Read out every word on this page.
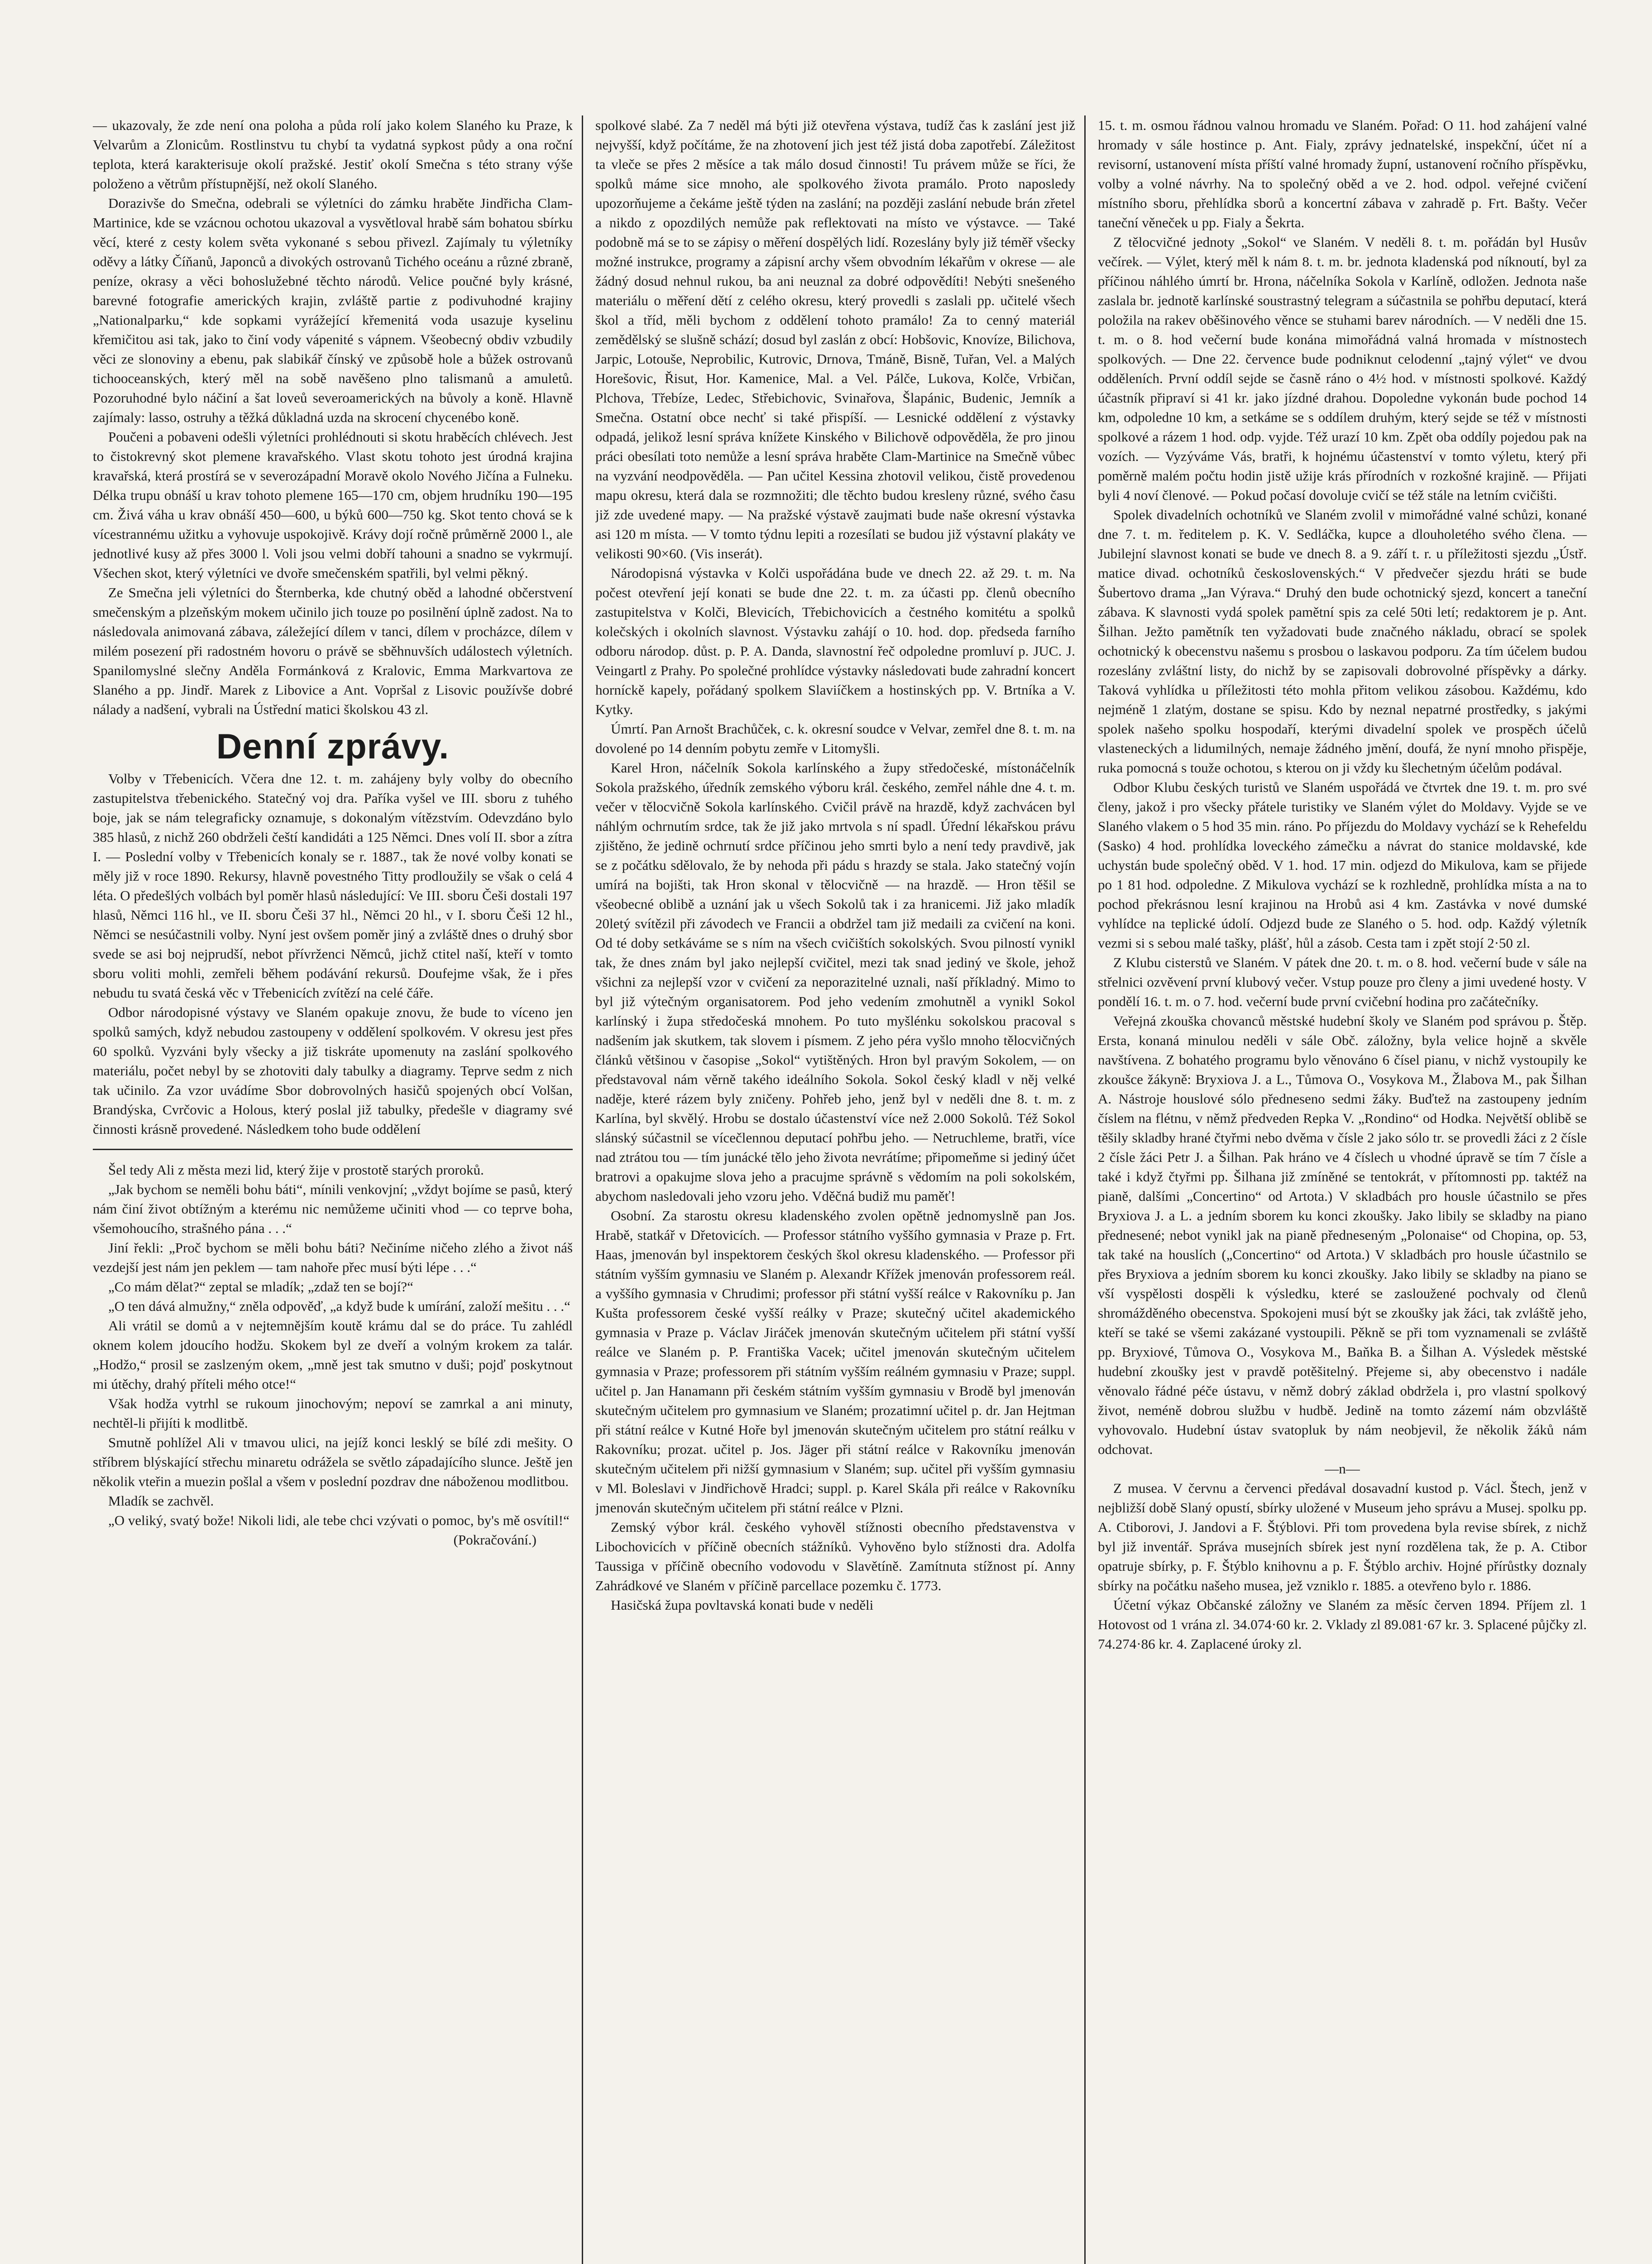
— ukazovaly, že zde není ona poloha a půda rolí jako kolem Slaného ku Praze, k Velvarům a Zlonicům. Rostlinstvu tu chybí ta vydatná sypkost půdy a ona roční teplota, která karakterisuje okolí pražské. Jestiť okolí Smečna s této strany výše položeno a větrům přístupnější, než okolí Slaného.

Dorazivše do Smečna, odebrali se výletníci do zámku hraběte Jindřicha Clam-Martinice, kde se vzácnou ochotou ukazoval a vysvětloval hrabě sám bohatou sbírku věcí, které z cesty kolem světa vykonané s sebou přivezl. Zajímaly tu výletníky oděvy a látky Číňanů, Japonců a divokých ostrovanů Tichého oceánu a různé zbraně, peníze, okrasy a věci bohoslužebné těchto národů. Velice poučné byly krásné, barevné fotografie amerických krajin, zvláště partie z podivuhodné krajiny „Nationalparku,“ kde sopkami vyrážející křemenitá voda usazuje kyselinu křemičitou asi tak, jako to činí vody vápenité s vápnem. Všeobecný obdiv vzbudily věci ze slonoviny a ebenu, pak slabikář čínský ve způsobě hole a bůžek ostrovanů tichooceanských, který měl na sobě navěšeno plno talismanů a amuletů. Pozoruhodné bylo náčiní a šat loveů severoamerických na bůvoly a koně. Hlavně zajímaly: lasso, ostruhy a těžká důkladná uzda na skrocení chycenébo koně.

Poučeni a pobaveni odešli výletníci prohlédnouti si skotu hraběcích chlévech. Jest to čistokrevný skot plemene kravařského. Vlast skotu tohoto jest úrodná krajina kravařská, která prostírá se v severozápadní Moravě okolo Nového Jičína a Fulneku. Délka trupu obnáší u krav tohoto plemene 165—170 cm, objem hrudníku 190—195 cm. Živá váha u krav obnáší 450—600, u býků 600—750 kg. Skot tento chová se k vícestrannému užitku a vyhovuje uspokojivě. Krávy dojí ročně průměrně 2000 l., ale jednotlivé kusy až přes 3000 l. Voli jsou velmi dobří tahouni a snadno se vykrmují. Všechen skot, který výletníci ve dvoře smečenském spatřili, byl velmi pěkný.

Ze Smečna jeli výletníci do Šternberka, kde chutný oběd a lahodné občerstvení smečenským a plzeňským mokem učinilo jich touze po posilnění úplně zadost. Na to následovala animovaná zábava, záležející dílem v tanci, dílem v procházce, dílem v milém posezení při radostném hovoru o právě se sběhnuvších událostech výletních. Spanilomyslné slečny Anděla Formánková z Kralovic, Emma Markvartova ze Slaného a pp. Jindř. Marek z Libovice a Ant. Vopršal z Lisovic používše dobré nálady a nadšení, vybrali na Ústřední matici školskou 43 zl.

Denní zprávy.

Volby v Třebenicích. Včera dne 12. t. m. zahájeny byly volby do obecního zastupitelstva třebenického. Statečný voj dra. Paříka vyšel ve III. sboru z tuhého boje, jak se nám telegraficky oznamuje, s dokonalým vítězstvím. Odevzdáno bylo 385 hlasů, z nichž 260 obdrželi čeští kandidáti a 125 Němci. Dnes volí II. sbor a zítra I. — Poslední volby v Třebenicích konaly se r. 1887., tak že nové volby konati se měly již v roce 1890. Rekursy, hlavně povestného Titty prodloužily se však o celá 4 léta. O předešlých volbách byl poměr hlasů následující: Ve III. sboru Češi dostali 197 hlasů, Němci 116 hl., ve II. sboru Češi 37 hl., Němci 20 hl., v I. sboru Češi 12 hl., Němci se nesúčastnili volby. Nyní jest ovšem poměr jiný a zvláště dnes o druhý sbor svede se asi boj nejprudší, nebot přívrženci Němců, jichž ctitel naší, kteří v tomto sboru voliti mohli, zemřeli během podávání rekursů. Doufejme však, že i přes nebudu tu svatá česká věc v Třebenicích zvítězí na celé čáře.

Odbor národopisné výstavy ve Slaném opakuje znovu, že bude to víceno jen spolků samých, když nebudou zastoupeny v oddělení spolkovém. V okresu jest přes 60 spolků. Vyzváni byly všecky a již tiskráte upomenuty na zaslání spolkového materiálu, počet nebyl by se zhotoviti daly tabulky a diagramy. Teprve sedm z nich tak učinilo. Za vzor uvádíme Sbor dobrovolných hasičů spojených obcí Volšan, Brandýska, Cvrčovic a Holous, který poslal již tabulky, předešle v diagramy své činnosti krásně provedené. Následkem toho bude oddělení

Šel tedy Ali z města mezi lid, který žije v prostotě starých proroků.

„Jak bychom se neměli bohu báti“, mínili venkovjní; „vždyt bojíme se pasů, který nám činí život obtížným a kterému nic nemůžeme učiniti vhod — co teprve boha, všemohoucího, strašného pána . . .“

Jiní řekli: „Proč bychom se měli bohu báti? Nečiníme ničeho zlého a život náš vezdejší jest nám jen peklem — tam nahoře přec musí býti lépe . . .“

„Co mám dělat?“ zeptal se mladík; „zdaž ten se bojí?“

„O ten dává almužny,“ zněla odpověď, „a když bude k umírání, založí mešitu . . .“

Ali vrátil se domů a v nejtemnějším koutě krámu dal se do práce. Tu zahlédl oknem kolem jdoucího hodžu. Skokem byl ze dveří a volným krokem za talár. „Hodžo,“ prosil se zaslzeným okem, „mně jest tak smutno v duši; pojď poskytnout mi útěchy, drahý příteli mého otce!“

Však hodža vytrhl se rukoum jinochovým; nepoví se zamrkal a ani minuty, nechtěl-li přijíti k modlitbě.

Smutně pohlížel Ali v tmavou ulici, na jejíž konci lesklý se bílé zdi mešity. O stříbrem blýskající střechu minaretu odrážela se světlo západajícího slunce. Ještě jen několik vteřin a muezin pošlal a všem v poslední pozdrav dne náboženou modlitbou.

Mladík se zachvěl.

„O veliký, svatý bože! Nikoli lidi, ale tebe chci vzývati o pomoc, by's mě osvítil!“

(Pokračování.)

spolkové slabé. Za 7 neděl má býti již otevřena výstava, tudíž čas k zaslání jest již nejvyšší, když počítáme, že na zhotovení jich jest též jistá doba zapotřebí. Záležitost ta vleče se přes 2 měsíce a tak málo dosud činnosti! Tu právem může se říci, že spolků máme sice mnoho, ale spolkového života pramálo. Proto naposledy upozorňujeme a čekáme ještě týden na zaslání; na později zaslání nebude brán zřetel a nikdo z opozdilých nemůže pak reflektovati na místo ve výstavce. — Také podobně má se to se zápisy o měření dospělých lidí. Rozeslány byly již téměř všecky možné instrukce, programy a zápisní archy všem obvodním lékařům v okrese — ale žádný dosud nehnul rukou, ba ani neuznal za dobré odpovědíti! Nebýti snešeného materiálu o měření dětí z celého okresu, který provedli s zaslali pp. učitelé všech škol a tříd, měli bychom z oddělení tohoto pramálo! Za to cenný materiál zemědělský se slušně schází; dosud byl zaslán z obcí: Hobšovic, Knovíze, Bilichova, Jarpic, Lotouše, Neprobilic, Kutrovic, Drnova, Tmáně, Bisně, Tuřan, Vel. a Malých Horešovic, Řisut, Hor. Kamenice, Mal. a Vel. Pálče, Lukova, Kolče, Vrbičan, Plchova, Třebíze, Ledec, Střebichovic, Svinařova, Šlapánic, Budenic, Jemník a Smečna. Ostatní obce nechť si také přispíší. — Lesnické oddělení z výstavky odpadá, jelikož lesní správa knížete Kinského v Bilichově odpověděla, že pro jinou práci obesílati toto nemůže a lesní správa hraběte Clam-Martinice na Smečně vůbec na vyzvání neodpověděla. — Pan učitel Kessina zhotovil velikou, čistě provedenou mapu okresu, která dala se rozmnožiti; dle těchto budou kresleny různé, svého času již zde uvedené mapy. — Na pražské výstavě zaujmati bude naše okresní výstavka asi 120 m místa. — V tomto týdnu lepiti a rozesílati se budou již výstavní plakáty ve velikosti 90×60. (Vis inserát).

Národopisná výstavka v Kolči uspořádána bude ve dnech 22. až 29. t. m. Na počest otevření její konati se bude dne 22. t. m. za účasti pp. členů obecního zastupitelstva v Kolči, Blevicích, Třebichovicích a čestného komitétu a spolků kolečských i okolních slavnost. Výstavku zahájí o 10. hod. dop. předseda farního odboru národop. důst. p. P. A. Danda, slavnostní řeč odpoledne promluví p. JUC. J. Veingartl z Prahy. Po společné prohlídce výstavky následovati bude zahradní koncert horníckě kapely, pořádaný spolkem Slaviíčkem a hostinských pp. V. Brtníka a V. Kytky.

Úmrtí. Pan Arnošt Brachůček, c. k. okresní soudce v Velvar, zemřel dne 8. t. m. na dovolené po 14 denním pobytu zemře v Litomyšli.

Karel Hron, náčelník Sokola karlínského a župy středočeské, místonáčelník Sokola pražského, úředník zemského výboru král. českého, zemřel náhle dne 4. t. m. večer v tělocvičně Sokola karlínského. Cvičil právě na hrazdě, když zachvácen byl náhlým ochrnutím srdce, tak že již jako mrtvola s ní spadl. Úřední lékařskou právu zjištěno, že jedině ochrnutí srdce příčinou jeho smrti bylo a není tedy pravdivě, jak se z počátku sdělovalo, že by nehoda při pádu s hrazdy se stala. Jako statečný vojín umírá na bojišti, tak Hron skonal v tělocvičně — na hrazdě. — Hron těšil se všeobecné oblibě a uznání jak u všech Sokolů tak i za hranicemi. Již jako mladík 20letý svítězil při závodech ve Francii a obdržel tam již medaili za cvičení na koni. Od té doby setkáváme se s ním na všech cvičištích sokolských. Svou pilností vynikl tak, že dnes znám byl jako nejlepší cvičitel, mezi tak snad jediný ve škole, jehož všichni za nejlepší vzor v cvičení za neporazitelné uznali, naší příkladný. Mimo to byl již výtečným organisatorem. Pod jeho vedením zmohutněl a vynikl Sokol karlínský i župa středočeská mnohem. Po tuto myšlénku sokolskou pracoval s nadšením jak skutkem, tak slovem i písmem. Z jeho péra vyšlo mnoho tělocvičných článků většinou v časopise „Sokol“ vytištěných. Hron byl pravým Sokolem, — on představoval nám věrně takého ideálního Sokola. Sokol český kladl v něj velké naděje, které rázem byly zničeny. Pohřeb jeho, jenž byl v neděli dne 8. t. m. z Karlína, byl skvělý. Hrobu se dostalo účastenství více než 2.000 Sokolů. Též Sokol slánský súčastnil se vícečlennou deputací pohřbu jeho. — Netruchleme, bratři, více nad ztrátou tou — tím junácké tělo jeho života nevrátíme; připomeňme si jediný účet bratrovi a opakujme slova jeho a pracujme správně s vědomím na poli sokolském, abychom nasledovali jeho vzoru jeho. Vděčná budiž mu paměť!

Osobní. Za starostu okresu kladenského zvolen opětně jednomyslně pan Jos. Hrabě, statkář v Dřetovicích. — Professor státního vyššího gymnasia v Praze p. Frt. Haas, jmenován byl inspektorem českých škol okresu kladenského. — Professor při státním vyšším gymnasiu ve Slaném p. Alexandr Křížek jmenován professorem reál. a vyššího gymnasia v Chrudimi; professor při státní vyšší reálce v Rakovníku p. Jan Kušta professorem české vyšší reálky v Praze; skutečný učitel akademického gymnasia v Praze p. Václav Jiráček jmenován skutečným učitelem při státní vyšší reálce ve Slaném p. P. Františka Vacek; učitel jmenován skutečným učitelem gymnasia v Praze; professorem při státním vyšším reálném gymnasiu v Praze; suppl. učitel p. Jan Hanamann při českém státním vyšším gymnasiu v Brodě byl jmenován skutečným učitelem pro gymnasium ve Slaném; prozatimní učitel p. dr. Jan Hejtman při státní reálce v Kutné Hoře byl jmenován skutečným učitelem pro státní reálku v Rakovníku; prozat. učitel p. Jos. Jäger při státní reálce v Rakovníku jmenován skutečným učitelem při nižší gymnasium v Slaném; sup. učitel při vyšším gymnasiu v Ml. Boleslavi v Jindřichově Hradci; suppl. p. Karel Skála při reálce v Rakovníku jmenován skutečným učitelem při státní reálce v Plzni.

Zemský výbor král. českého vyhověl stížnosti obecního představenstva v Libochovicích v příčině obecních stážníků. Vyhověno bylo stížnosti dra. Adolfa Taussiga v příčině obecního vodovodu v Slavětíně. Zamítnuta stížnost pí. Anny Zahrádkové ve Slaném v příčině parcellace pozemku č. 1773.

Hasičská župa povltavská konati bude v neděli

15. t. m. osmou řádnou valnou hromadu ve Slaném. Pořad: O 11. hod zahájení valné hromady v sále hostince p. Ant. Fialy, zprávy jednatelské, inspekční, účet ní a revisorní, ustanovení místa příští valné hromady župní, ustanovení ročního příspěvku, volby a volné návrhy. Na to společný oběd a ve 2. hod. odpol. veřejné cvičení místního sboru, přehlídka sborů a koncertní zábava v zahradě p. Frt. Bašty. Večer taneční věneček u pp. Fialy a Šekrta.

Z tělocvičné jednoty „Sokol“ ve Slaném. V neděli 8. t. m. pořádán byl Husův večírek. — Výlet, který měl k nám 8. t. m. br. jednota kladenská pod níknoutí, byl za příčinou náhlého úmrtí br. Hrona, náčelníka Sokola v Karlíně, odložen. Jednota naše zaslala br. jednotě karlínské soustrastný telegram a súčastnila se pohřbu deputací, která položila na rakev oběšinového věnce se stuhami barev národních. — V neděli dne 15. t. m. o 8. hod večerní bude konána mimořádná valná hromada v místnostech spolkových. — Dne 22. července bude podniknut celodenní „tajný výlet“ ve dvou odděleních. První oddíl sejde se časně ráno o 4½ hod. v místnosti spolkové. Každý účastník připraví si 41 kr. jako jízdné drahou. Dopoledne vykonán bude pochod 14 km, odpoledne 10 km, a setkáme se s oddílem druhým, který sejde se též v místnosti spolkové a rázem 1 hod. odp. vyjde. Též urazí 10 km. Zpět oba oddíly pojedou pak na vozích. — Vyzýváme Vás, bratři, k hojnému účastenství v tomto výletu, který při poměrně malém počtu hodin jistě užije krás přírodních v rozkošné krajině. — Přijati byli 4 noví členové. — Pokud počasí dovoluje cvičí se též stále na letním cvičišti.

Spolek divadelních ochotníků ve Slaném zvolil v mimořádné valné schůzi, konané dne 7. t. m. ředitelem p. K. V. Sedláčka, kupce a dlouholetého svého člena. — Jubilejní slavnost konati se bude ve dnech 8. a 9. září t. r. u příležitosti sjezdu „Ústř. matice divad. ochotníků československých.“ V předvečer sjezdu hráti se bude Šubertovo drama „Jan Výrava.“ Druhý den bude ochotnický sjezd, koncert a taneční zábava. K slavnosti vydá spolek pamětní spis za celé 50ti letí; redaktorem je p. Ant. Šilhan. Ježto pamětník ten vyžadovati bude značného nákladu, obrací se spolek ochotnický k obecenstvu našemu s prosbou o laskavou podporu. Za tím účelem budou rozeslány zvláštní listy, do nichž by se zapisovali dobrovolné příspěvky a dárky. Taková vyhlídka u příležitosti této mohla přitom velikou zásobou. Každému, kdo nejméně 1 zlatým, dostane se spisu. Kdo by neznal nepatrné prostředky, s jakými spolek našeho spolku hospodaří, kterými divadelní spolek ve prospěch účelů vlasteneckých a lidumilných, nemaje žádného jmění, doufá, že nyní mnoho přispěje, ruka pomocná s touže ochotou, s kterou on ji vždy ku šlechetným účelům podával.

Odbor Klubu českých turistů ve Slaném uspořádá ve čtvrtek dne 19. t. m. pro své členy, jakož i pro všecky přátele turistiky ve Slaném výlet do Moldavy. Vyjde se ve Slaného vlakem o 5 hod 35 min. ráno. Po příjezdu do Moldavy vychází se k Rehefeldu (Sasko) 4 hod. prohlídka loveckého zámečku a návrat do stanice moldavské, kde uchystán bude společný oběd. V 1. hod. 17 min. odjezd do Mikulova, kam se přijede po 1 81 hod. odpoledne. Z Mikulova vychází se k rozhledně, prohlídka místa a na to pochod překrásnou lesní krajinou na Hrobů asi 4 km. Zastávka v nové dumské vyhlídce na teplické údolí. Odjezd bude ze Slaného o 5. hod. odp. Každý výletník vezmi si s sebou malé tašky, plášť, hůl a zásob. Cesta tam i zpět stojí 2·50 zl.

Z Klubu cisterstů ve Slaném. V pátek dne 20. t. m. o 8. hod. večerní bude v sále na střelnici ozvěvení první klubový večer. Vstup pouze pro členy a jimi uvedené hosty. V pondělí 16. t. m. o 7. hod. večerní bude první cvičební hodina pro začátečníky.

Veřejná zkouška chovanců městské hudební školy ve Slaném pod správou p. Štěp. Ersta, konaná minulou neděli v sále Obč. záložny, byla velice hojně a skvěle navštívena. Z bohatého programu bylo věnováno 6 čísel pianu, v nichž vystoupily ke zkoušce žákyně: Bryxiova J. a L., Tůmova O., Vosykova M., Žlabova M., pak Šilhan A. Nástroje houslové sólo předneseno sedmi žáky. Buďtež na zastoupeny jedním číslem na flétnu, v němž předveden Repka V. „Rondino“ od Hodka. Největší oblibě se těšily skladby hrané čtyřmi nebo dvěma v čísle 2 jako sólo tr. se provedli žáci z 2 čísle 2 čísle žáci Petr J. a Šilhan. Pak hráno ve 4 číslech u vhodné úpravě se tím 7 čísle a také i když čtyřmi pp. Šilhana již zmíněné se tentokrát, v přítomnosti pp. taktéž na pianě, dalšími „Concertino“ od Artota.) V skladbách pro housle účastnilo se přes Bryxiova J. a L. a jedním sborem ku konci zkoušky. Jako libily se skladby na piano přednesené; nebot vynikl jak na pianě předneseným „Polonaise“ od Chopina, op. 53, tak také na houslích („Concertino“ od Artota.) V skladbách pro housle účastnilo se přes Bryxiova a jedním sborem ku konci zkoušky. Jako libily se skladby na piano se vší vyspělosti dospěli k výsledku, které se zasloužené pochvaly od členů shromážděného obecenstva. Spokojeni musí být se zkoušky jak žáci, tak zvláště jeho, kteří se také se všemi zakázané vystoupili. Pěkně se při tom vyznamenali se zvláště pp. Bryxiové, Tůmova O., Vosykova M., Baňka B. a Šilhan A. Výsledek městské hudební zkoušky jest v pravdě potěšitelný. Přejeme si, aby obecenstvo i nadále věnovalo řádné péče ústavu, v němž dobrý základ obdržela i, pro vlastní spolkový život, neméně dobrou službu v hudbě. Jedině na tomto zázemí nám obzvláště vyhovovalo. Hudební ústav svatopluk by nám neobjevil, že několik žáků nám odchovat.

—n—

Z musea. V červnu a červenci předával dosavadní kustod p. Václ. Štech, jenž v nejbližší době Slaný opustí, sbírky uložené v Museum jeho správu a Musej. spolku pp. A. Ctiborovi, J. Jandovi a F. Štýblovi. Při tom provedena byla revise sbírek, z nichž byl již inventář. Správa musejních sbírek jest nyní rozdělena tak, že p. A. Ctibor opatruje sbírky, p. F. Štýblo knihovnu a p. F. Štýblo archiv. Hojné přírůstky doznaly sbírky na počátku našeho musea, jež vzniklo r. 1885. a otevřeno bylo r. 1886.

Účetní výkaz Občanské záložny ve Slaném za měsíc červen 1894. Příjem zl. 1 Hotovost od 1 vrána zl. 34.074·60 kr. 2. Vklady zl 89.081·67 kr. 3. Splacené půjčky zl. 74.274·86 kr. 4. Zaplacené úroky zl.
